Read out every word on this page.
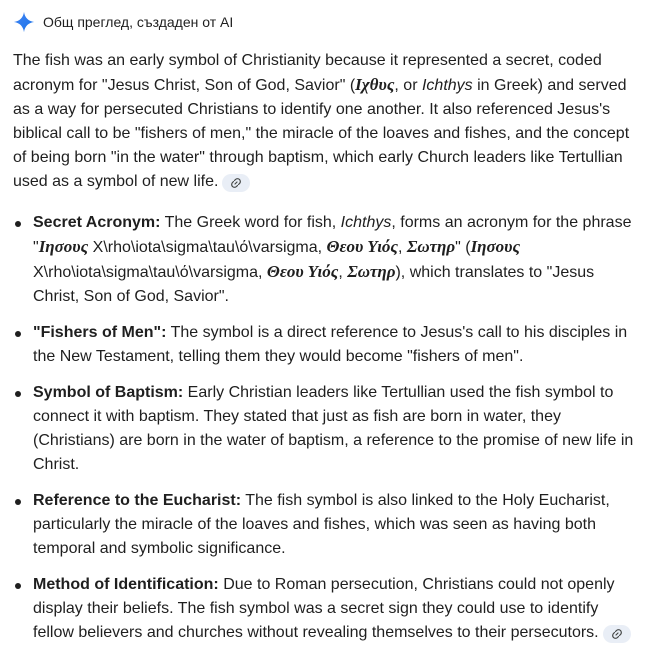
Общ преглед, създаден от AI

The fish was an early symbol of Christianity because it represented a secret, coded acronym for "Jesus Christ, Son of God, Savior" (Ιχθυς, or Ichthys in Greek) and served as a way for persecuted Christians to identify one another. It also referenced Jesus's biblical call to be "fishers of men," the miracle of the loaves and fishes, and the concept of being born "in the water" through baptism, which early Church leaders like Tertullian used as a symbol of new life.

Secret Acronym: The Greek word for fish, Ichthys, forms an acronym for the phrase "Ιησους X\rho\iota\sigma\tau\ό\varsigma, Θεου Υιός, Σωτηρ" (Ιησους X\rho\iota\sigma\tau\ό\varsigma, Θεου Υιός, Σωτηρ), which translates to "Jesus Christ, Son of God, Savior".
"Fishers of Men": The symbol is a direct reference to Jesus's call to his disciples in the New Testament, telling them they would become "fishers of men".
Symbol of Baptism: Early Christian leaders like Tertullian used the fish symbol to connect it with baptism. They stated that just as fish are born in water, they (Christians) are born in the water of baptism, a reference to the promise of new life in Christ.
Reference to the Eucharist: The fish symbol is also linked to the Holy Eucharist, particularly the miracle of the loaves and fishes, which was seen as having both temporal and symbolic significance.
Method of Identification: Due to Roman persecution, Christians could not openly display their beliefs. The fish symbol was a secret sign they could use to identify fellow believers and churches without revealing themselves to their persecutors.
